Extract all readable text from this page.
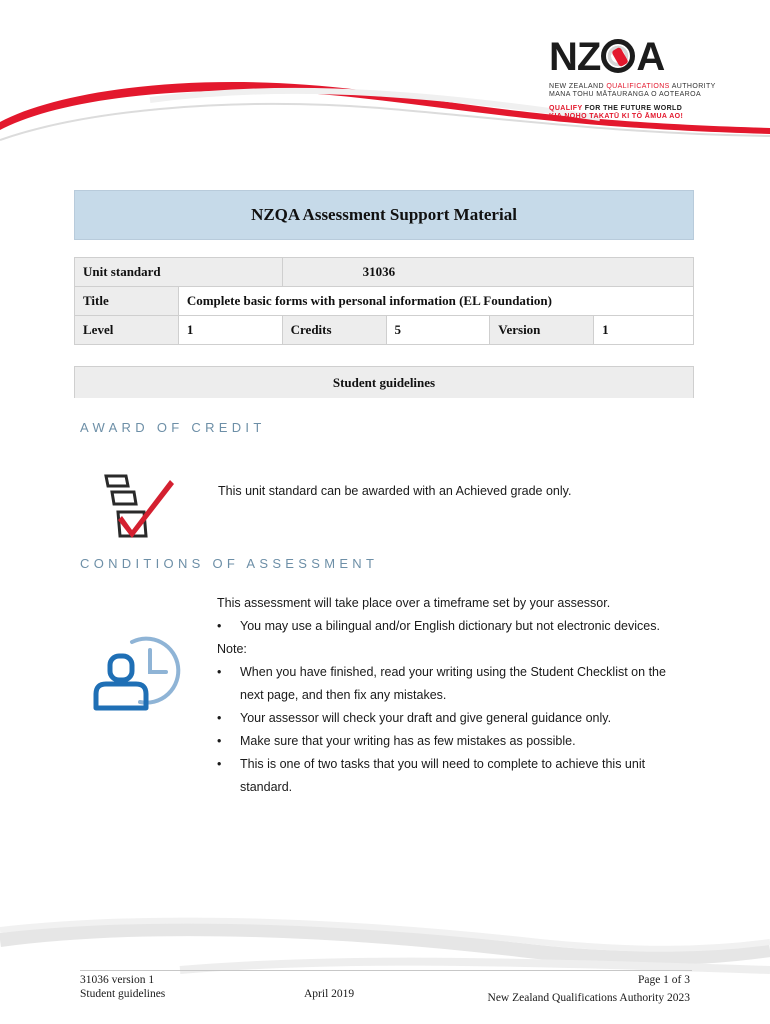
NZ A
NEW ZEALAND QUALIFICATIONS AUTHORITY
MANA TOHU MĀTAURANGA O AOTEAROA
QUALIFY FOR THE FUTURE WORLD
KIA NOHO TAKATŪ KI TŌ ĀMUA AO!
NZQA Assessment Support Material
Unit standard		31036			
Title	Complete basic forms with personal information (EL Foundation)				
Level	1	Credits	5	Version	1
Student guidelines
AWARD OF CREDIT
This unit standard can be awarded with an Achieved grade only.
CONDITIONS OF ASSESSMENT
This assessment will take place over a timeframe set by your assessor.
• You may use a bilingual and/or English dictionary but not electronic devices.
Note:
• When you have finished, read your writing using the Student Checklist on the next page, and then fix any mistakes.
• Your assessor will check your draft and give general guidance only.
• Make sure that your writing has as few mistakes as possible.
• This is one of two tasks that you will need to complete to achieve this unit standard.
31036 version 1
Student guidelines	April 2019
Page 1 of 3
New Zealand Qualifications Authority 2023
